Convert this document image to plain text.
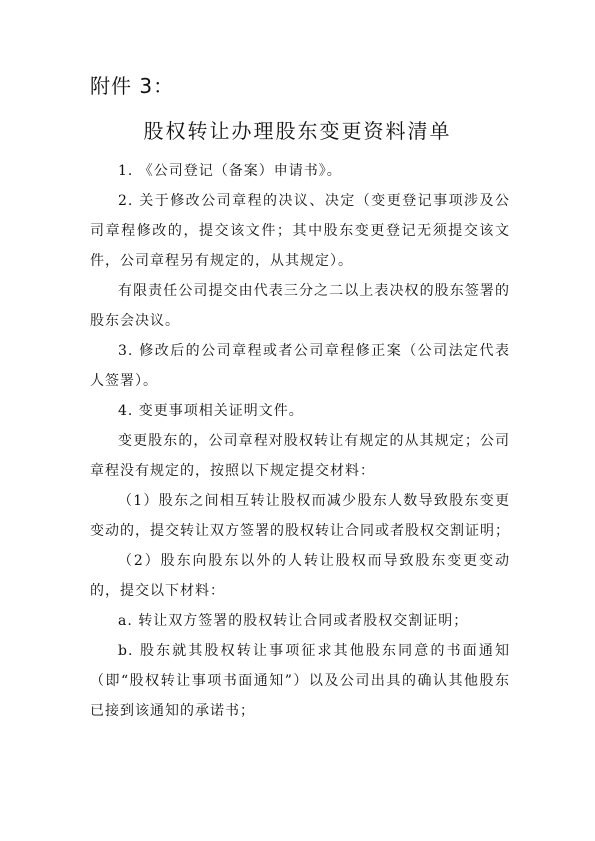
附件 3：
股权转让办理股东变更资料清单

1. 《公司登记（备案）申请书》。

2. 关于修改公司章程的决议、决定（变更登记事项涉及公司章程修改的，提交该文件；其中股东变更登记无须提交该文件，公司章程另有规定的，从其规定）。

有限责任公司提交由代表三分之二以上表决权的股东签署的股东会决议。

3. 修改后的公司章程或者公司章程修正案（公司法定代表人签署）。

4. 变更事项相关证明文件。

变更股东的，公司章程对股权转让有规定的从其规定；公司章程没有规定的，按照以下规定提交材料：

（1）股东之间相互转让股权而减少股东人数导致股东变更变动的，提交转让双方签署的股权转让合同或者股权交割证明；

（2）股东向股东以外的人转让股权而导致股东变更变动的，提交以下材料：

a. 转让双方签署的股权转让合同或者股权交割证明；

b. 股东就其股权转让事项征求其他股东同意的书面通知 （即“股权转让事项书面通知”）以及公司出具的确认其他股东已接到该通知的承诺书；
